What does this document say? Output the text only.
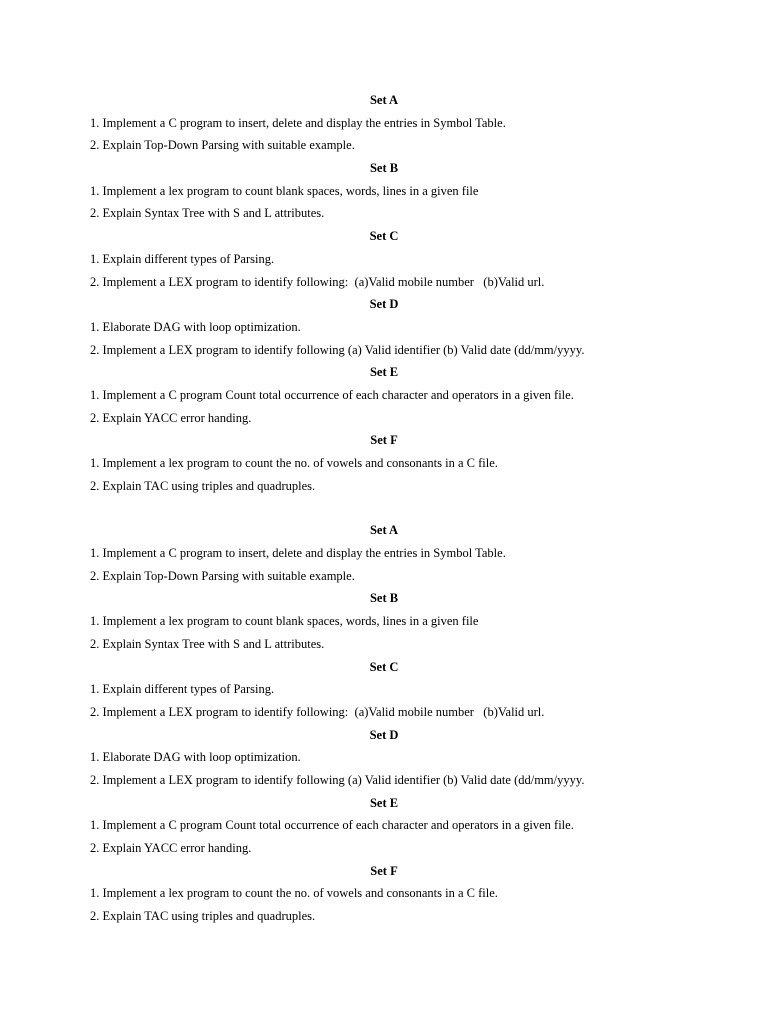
Set A
1. Implement a C program to insert, delete and display the entries in Symbol Table.
2. Explain Top-Down Parsing with suitable example.
Set B
1. Implement a lex program to count blank spaces, words, lines in a given file
2. Explain Syntax Tree with S and L attributes.
Set C
1. Explain different types of Parsing.
2. Implement a LEX program to identify following:  (a)Valid mobile number   (b)Valid url.
Set D
1. Elaborate DAG with loop optimization.
2. Implement a LEX program to identify following (a) Valid identifier (b) Valid date (dd/mm/yyyy.
Set E
1. Implement a C program Count total occurrence of each character and operators in a given file.
2. Explain YACC error handing.
Set F
1. Implement a lex program to count the no. of vowels and consonants in a C file.
2. Explain TAC using triples and quadruples.
Set A
1. Implement a C program to insert, delete and display the entries in Symbol Table.
2. Explain Top-Down Parsing with suitable example.
Set B
1. Implement a lex program to count blank spaces, words, lines in a given file
2. Explain Syntax Tree with S and L attributes.
Set C
1. Explain different types of Parsing.
2. Implement a LEX program to identify following:  (a)Valid mobile number   (b)Valid url.
Set D
1. Elaborate DAG with loop optimization.
2. Implement a LEX program to identify following (a) Valid identifier (b) Valid date (dd/mm/yyyy.
Set E
1. Implement a C program Count total occurrence of each character and operators in a given file.
2. Explain YACC error handing.
Set F
1. Implement a lex program to count the no. of vowels and consonants in a C file.
2. Explain TAC using triples and quadruples.
